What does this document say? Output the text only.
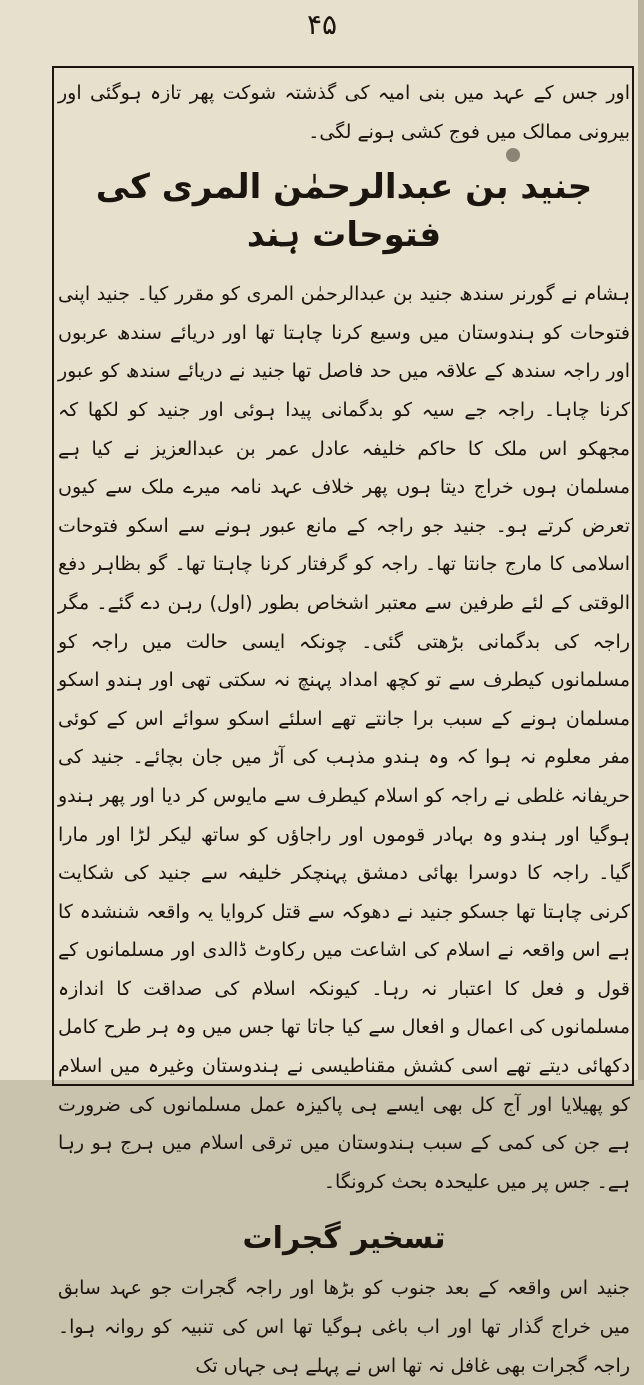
۴۵

اور جس کے عہد میں بنی امیہ کی گذشتہ شوکت پھر تازہ ہوگئی اور بیرونی ممالک میں فوج کشی ہونے لگی۔

جنید بن عبدالرحمٰن المری کی فتوحات ہند

ہشام نے گورنر سندھ جنید بن عبدالرحمٰن المری کو مقرر کیا۔ جنید اپنی فتوحات کو ہندوستان میں وسیع کرنا چاہتا تھا اور دریائے سندھ عربوں اور راجہ سندھ کے علاقہ میں حد فاصل تھا جنید نے دریائے سندھ کو عبور کرنا چاہا۔ راجہ جے سیہ کو بدگمانی پیدا ہوئی اور جنید کو لکھا کہ مجھکو اس ملک کا حاکم خلیفہ عادل عمر بن عبدالعزیز نے کیا ہے مسلمان ہوں خراج دیتا ہوں پھر خلاف عہد نامہ میرے ملک سے کیوں تعرض کرتے ہو۔ جنید جو راجہ کے مانع عبور ہونے سے اسکو فتوحات اسلامی کا مارج جانتا تھا۔ راجہ کو گرفتار کرنا چاہتا تھا۔ گو بظاہر دفع الوقتی کے لئے طرفین سے معتبر اشخاص بطور (اول) رہن دے گئے۔ مگر راجہ کی بدگمانی بڑھتی گئی۔ چونکہ ایسی حالت میں راجہ کو مسلمانوں کیطرف سے تو کچھ امداد پہنچ نہ سکتی تھی اور ہندو اسکو مسلمان ہونے کے سبب برا جانتے تھے اسلئے اسکو سوائے اس کے کوئی مفر معلوم نہ ہوا کہ وہ ہندو مذہب کی آڑ میں جان بچائے۔ جنید کی حریفانہ غلطی نے راجہ کو اسلام کیطرف سے مایوس کر دیا اور پھر ہندو ہوگیا اور ہندو وہ بہادر قوموں اور راجاؤں کو ساتھ لیکر لڑا اور مارا گیا۔ راجہ کا دوسرا بھائی دمشق پہنچکر خلیفہ سے جنید کی شکایت کرنی چاہتا تھا جسکو جنید نے دھوکہ سے قتل کروایا یہ واقعہ شنشدہ کا ہے اس واقعہ نے اسلام کی اشاعت میں رکاوٹ ڈالدی اور مسلمانوں کے قول و فعل کا اعتبار نہ رہا۔ کیونکہ اسلام کی صداقت کا اندازہ مسلمانوں کی اعمال و افعال سے کیا جاتا تھا جس میں وہ ہر طرح کامل دکھائی دیتے تھے اسی کشش مقناطیسی نے ہندوستان وغیرہ میں اسلام کو پھیلایا اور آج کل بھی ایسے ہی پاکیزہ عمل مسلمانوں کی ضرورت ہے جن کی کمی کے سبب ہندوستان میں ترقی اسلام میں ہرج ہو رہا ہے۔ جس پر میں علیحدہ بحث کرونگا۔

تسخیر گجرات

جنید اس واقعہ کے بعد جنوب کو بڑھا اور راجہ گجرات جو عہد سابق میں خراج گذار تھا اور اب باغی ہوگیا تھا اس کی تنبیہ کو روانہ ہوا۔ راجہ گجرات بھی غافل نہ تھا اس نے پہلے ہی جہاں تک
